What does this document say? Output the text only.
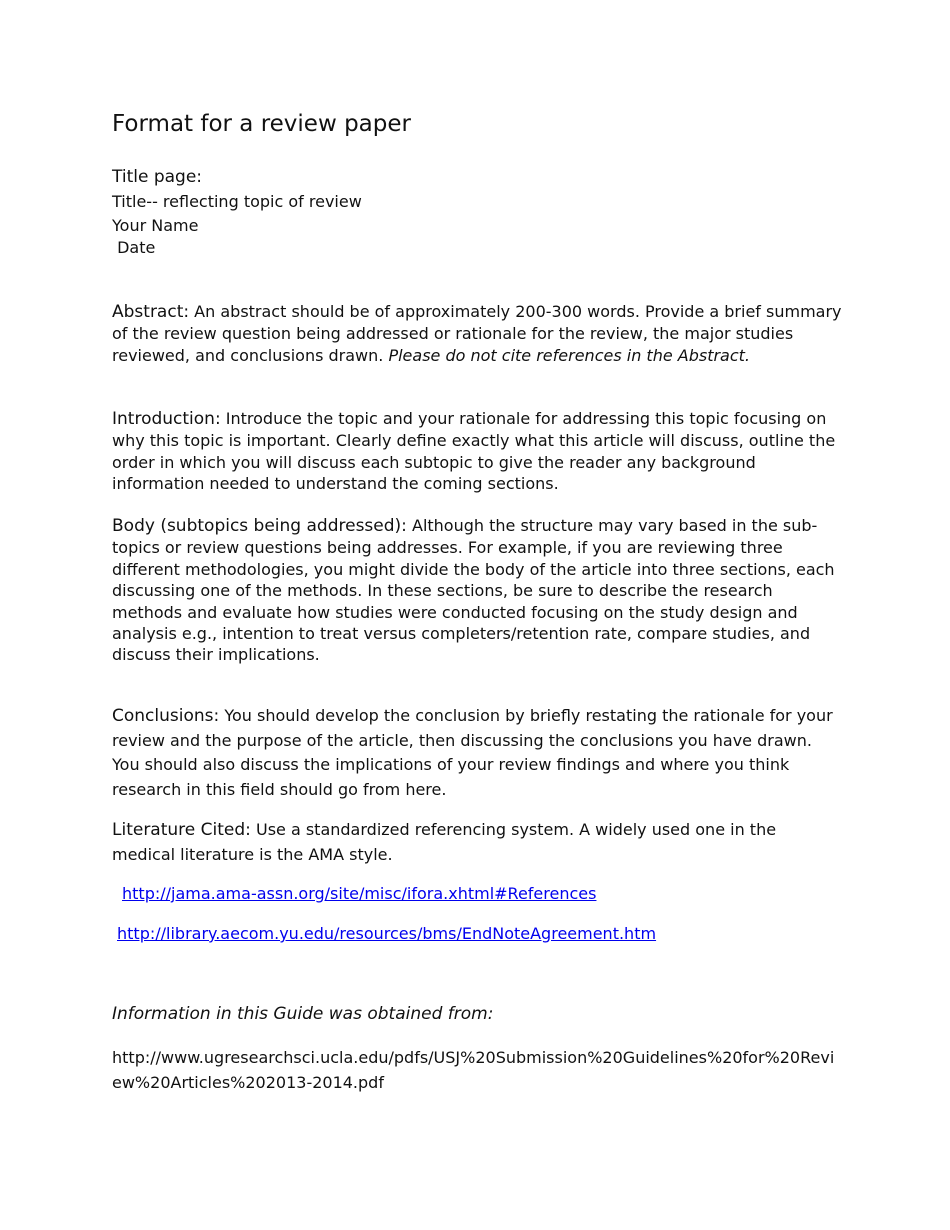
Format for a review paper
Title page:
Title-- reflecting topic of review
Your Name
Date

Abstract: An abstract should be of approximately 200-300 words. Provide a brief summary of the review question being addressed or rationale for the review, the major studies reviewed, and conclusions drawn. Please do not cite references in the Abstract.

Introduction: Introduce the topic and your rationale for addressing this topic focusing on why this topic is important. Clearly define exactly what this article will discuss, outline the order in which you will discuss each subtopic to give the reader any background information needed to understand the coming sections.

Body (subtopics being addressed): Although the structure may vary based in the sub-topics or review questions being addresses. For example, if you are reviewing three different methodologies, you might divide the body of the article into three sections, each discussing one of the methods. In these sections, be sure to describe the research methods and evaluate how studies were conducted focusing on the study design and analysis e.g., intention to treat versus completers/retention rate, compare studies, and discuss their implications.

Conclusions: You should develop the conclusion by briefly restating the rationale for your review and the purpose of the article, then discussing the conclusions you have drawn. You should also discuss the implications of your review findings and where you think research in this field should go from here.

Literature Cited: Use a standardized referencing system. A widely used one in the medical literature is the AMA style.

http://jama.ama-assn.org/site/misc/ifora.xhtml#References
http://library.aecom.yu.edu/resources/bms/EndNoteAgreement.htm
Information in this Guide was obtained from:
http://www.ugresearchsci.ucla.edu/pdfs/USJ%20Submission%20Guidelines%20for%20Review%20Articles%202013-2014.pdf
